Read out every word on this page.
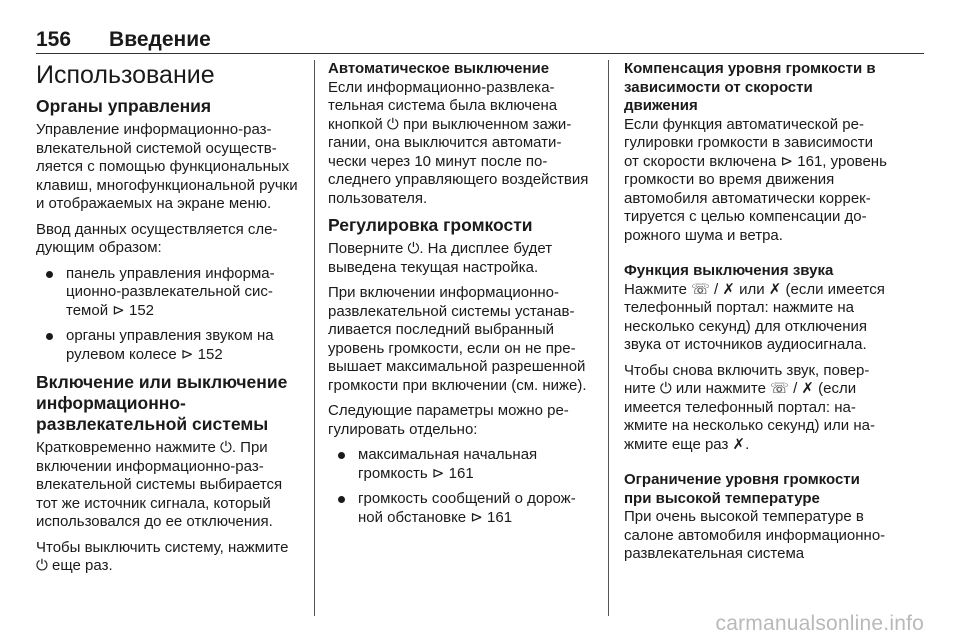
156 Введение
Использование
Органы управления

Управление информационно-развлекательной системой осуществляется с помощью функциональных клавиш, многофункциональной ручки и отображаемых на экране меню.

Ввод данных осуществляется следующим образом:

панель управления информационно-развлекательной системой ⊳ 152
органы управления звуком на рулевом колесе ⊳ 152
Включение или выключение информационно-развлекательной системы

Кратковременно нажмите ⏻. При включении информационно-развлекательной системы выбирается тот же источник сигнала, который использовался до ее отключения.

Чтобы выключить систему, нажмите ⏻ еще раз.

Автоматическое выключение

Если информационно-развлекательная система была включена кнопкой ⏻ при выключенном зажигании, она выключится автоматически через 10 минут после последнего управляющего воздействия пользователя.

Регулировка громкости

Поверните ⏻. На дисплее будет выведена текущая настройка.

При включении информационно-развлекательной системы устанавливается последний выбранный уровень громкости, если он не превышает максимальной разрешенной громкости при включении (см. ниже).

Следующие параметры можно регулировать отдельно:

максимальная начальная громкость ⊳ 161
громкость сообщений о дорожной обстановке ⊳ 161
Компенсация уровня громкости в зависимости от скорости движения

Если функция автоматической регулировки громкости в зависимости от скорости включена ⊳ 161, уровень громкости во время движения автомобиля автоматически корректируется с целью компенсации дорожного шума и ветра.

Функция выключения звука

Нажмите ☏ / ✗ или ✗ (если имеется телефонный портал: нажмите на несколько секунд) для отключения звука от источников аудиосигнала.

Чтобы снова включить звук, поверните ⏻ или нажмите ☏ / ✗ (если имеется телефонный портал: нажмите на несколько секунд) или нажмите еще раз ✗.

Ограничение уровня громкости при высокой температуре

При очень высокой температуре в салоне автомобиля информационно-развлекательная система

carmanualsonline.info
